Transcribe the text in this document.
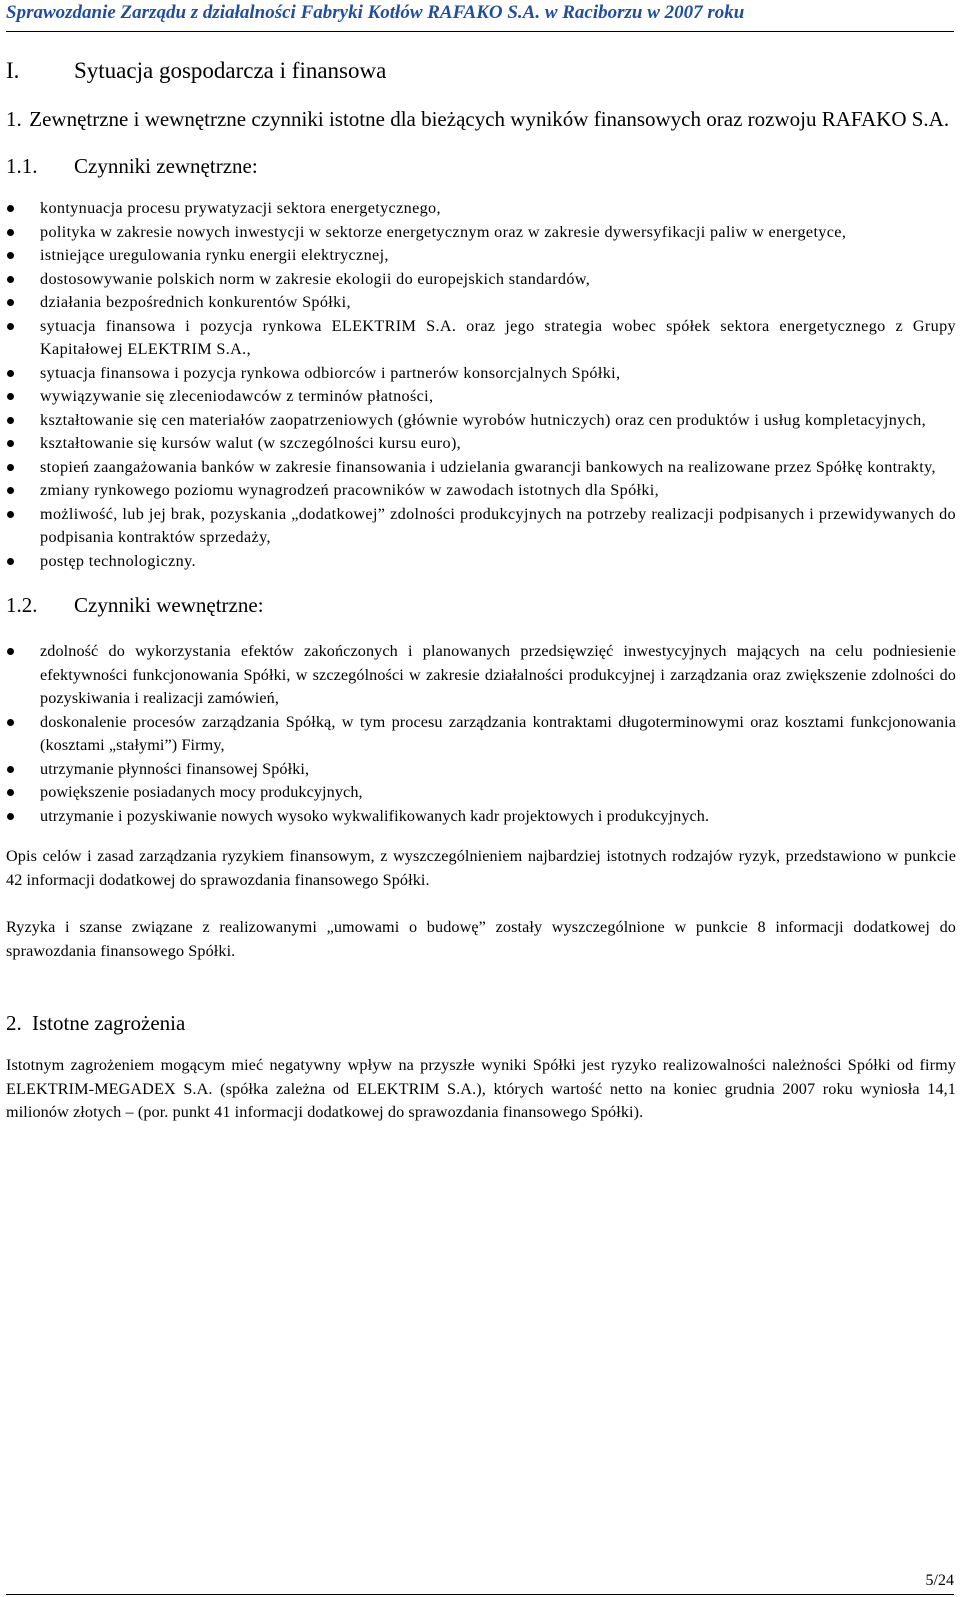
Sprawozdanie Zarządu z działalności Fabryki Kotłów RAFAKO S.A. w Raciborzu w 2007 roku
I. Sytuacja gospodarcza i finansowa
1. Zewnętrzne i wewnętrzne czynniki istotne dla bieżących wyników finansowych oraz rozwoju RAFAKO S.A.
1.1. Czynniki zewnętrzne:
kontynuacja procesu prywatyzacji sektora energetycznego,
polityka w zakresie nowych inwestycji w sektorze energetycznym oraz w zakresie dywersyfikacji paliw w energetyce,
istniejące uregulowania rynku energii elektrycznej,
dostosowywanie polskich norm w zakresie ekologii do europejskich standardów,
działania bezpośrednich konkurentów Spółki,
sytuacja finansowa i pozycja rynkowa ELEKTRIM S.A. oraz jego strategia wobec spółek sektora energetycznego z Grupy Kapitałowej ELEKTRIM S.A.,
sytuacja finansowa i pozycja rynkowa odbiorców i partnerów konsorcjalnych Spółki,
wywiązywanie się zleceniodawców z terminów płatności,
kształtowanie się cen materiałów zaopatrzeniowych (głównie wyrobów hutniczych) oraz cen produktów i usług kompletacyjnych,
kształtowanie się kursów walut (w szczególności kursu euro),
stopień zaangażowania banków w zakresie finansowania i udzielania gwarancji bankowych na realizowane przez Spółkę kontrakty,
zmiany rynkowego poziomu wynagrodzeń pracowników w zawodach istotnych dla Spółki,
możliwość, lub jej brak, pozyskania „dodatkowej” zdolności produkcyjnych na potrzeby realizacji podpisanych i przewidywanych do podpisania kontraktów sprzedaży,
postęp technologiczny.
1.2. Czynniki wewnętrzne:
zdolność do wykorzystania efektów zakończonych i planowanych przedsięwzięć inwestycyjnych mających na celu podniesienie efektywności funkcjonowania Spółki, w szczególności w zakresie działalności produkcyjnej i zarządzania oraz zwiększenie zdolności do pozyskiwania i realizacji zamówień,
doskonalenie procesów zarządzania Spółką, w tym procesu zarządzania kontraktami długoterminowymi oraz kosztami funkcjonowania (kosztami „stałymi”) Firmy,
utrzymanie płynności finansowej Spółki,
powiększenie posiadanych mocy produkcyjnych,
utrzymanie i pozyskiwanie nowych wysoko wykwalifikowanych kadr projektowych i produkcyjnych.

Opis celów i zasad zarządzania ryzykiem finansowym, z wyszczególnieniem najbardziej istotnych rodzajów ryzyk, przedstawiono w punkcie 42 informacji dodatkowej do sprawozdania finansowego Spółki.

Ryzyka i szanse związane z realizowanymi „umowami o budowę” zostały wyszczególnione w punkcie 8 informacji dodatkowej do sprawozdania finansowego Spółki.

2. Istotne zagrożenia

Istotnym zagrożeniem mogącym mieć negatywny wpływ na przyszłe wyniki Spółki jest ryzyko realizowalności należności Spółki od firmy ELEKTRIM-MEGADEX S.A. (spółka zależna od ELEKTRIM S.A.), których wartość netto na koniec grudnia 2007 roku wyniosła 14,1 milionów złotych – (por. punkt 41 informacji dodatkowej do sprawozdania finansowego Spółki).

5/24
